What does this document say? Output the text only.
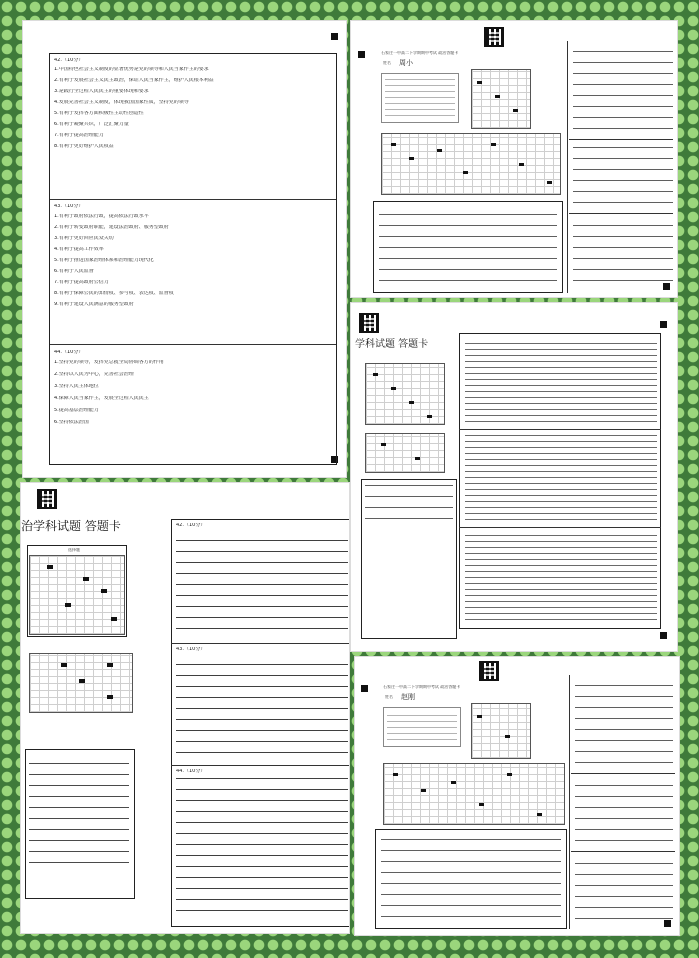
42.（10分）
1.中国特色社会主义制度的显著优势是党的领导和人民当家作主的要求
2.有利于发展社会主义民主政治，保证人民当家作主，维护人民根本利益
3.是践行全过程人民民主的重要体现和要求
4.发展完善社会主义制度，体现我国国家性质，坚持党的领导
5.有利于发挥各方面积极性主动性创造性
6.有利于凝聚共识，广泛汇聚力量
7.有利于提高治理能力
8.有利于更好维护人民权益
43.（10分）
1.有利于政府依法行政，提高依法行政水平
2.有利于转变政府职能，建设法治政府、服务型政府
3.有利于更好回应民众关切
4.有利于提高工作效率
5.有利于推进国家治理体系和治理能力现代化
6.有利于人民监督
7.有利于提高政府公信力
8.有利于保障公民的知情权、参与权、表达权、监督权
9.有利于建设人民满意的服务型政府
44.（10分）
1.坚持党的领导，发挥党总揽全局协调各方的作用
2.坚持以人民为中心，完善社会治理
3.坚持人民主体地位
4.保障人民当家作主，发展全过程人民民主
5.提高基层治理能力
6.坚持依法治国
石家庄一中高二下学期期中考试 政治答题卡
姓名 周小
学科试题 答题卡
治学科试题 答题卡
选择题
42.（10分）
43.（10分）
44.（10分）
石家庄一中高二下学期期中考试 政治答题卡
姓名 赵刚
